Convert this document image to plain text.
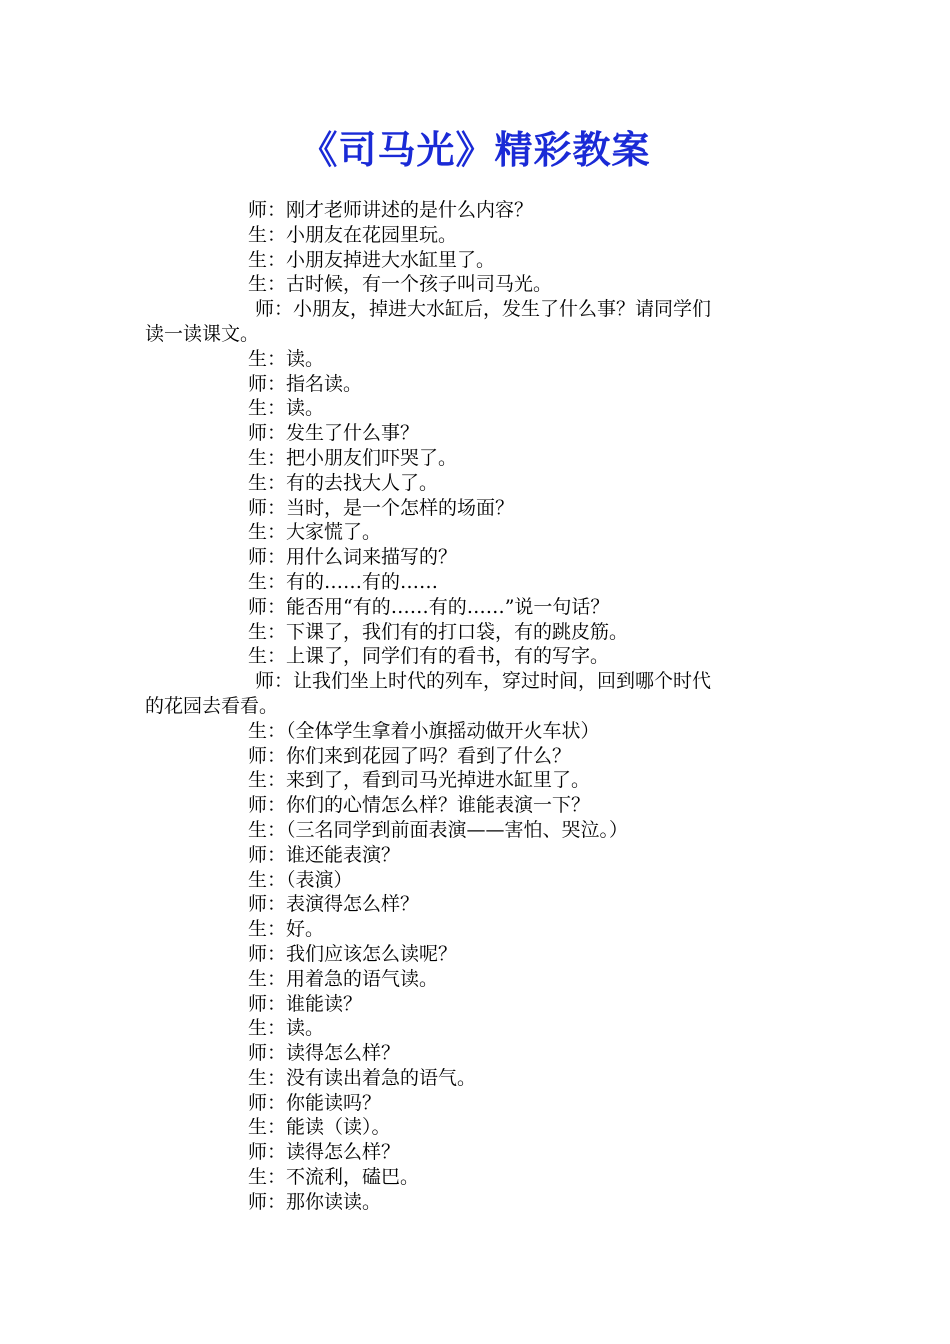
《司马光》精彩教案
师：刚才老师讲述的是什么内容？
生：小朋友在花园里玩。
生：小朋友掉进大水缸里了。
生：古时候，有一个孩子叫司马光。
师：小朋友，掉进大水缸后，发生了什么事？请同学们
读一读课文。
生：读。
师：指名读。
生：读。
师：发生了什么事？
生：把小朋友们吓哭了。
生：有的去找大人了。
师：当时，是一个怎样的场面？
生：大家慌了。
师：用什么词来描写的？
生：有的……有的……
师：能否用“有的……有的……”说一句话？
生：下课了，我们有的打口袋，有的跳皮筋。
生：上课了，同学们有的看书，有的写字。
师：让我们坐上时代的列车，穿过时间，回到哪个时代
的花园去看看。
生：（全体学生拿着小旗摇动做开火车状）
师：你们来到花园了吗？看到了什么？
生：来到了，看到司马光掉进水缸里了。
师：你们的心情怎么样？谁能表演一下？
生：（三名同学到前面表演——害怕、哭泣。）
师：谁还能表演？
生：（表演）
师：表演得怎么样？
生：好。
师：我们应该怎么读呢？
生：用着急的语气读。
师：谁能读？
生：读。
师：读得怎么样？
生：没有读出着急的语气。
师：你能读吗？
生：能读（读）。
师：读得怎么样？
生：不流利，磕巴。
师：那你读读。
